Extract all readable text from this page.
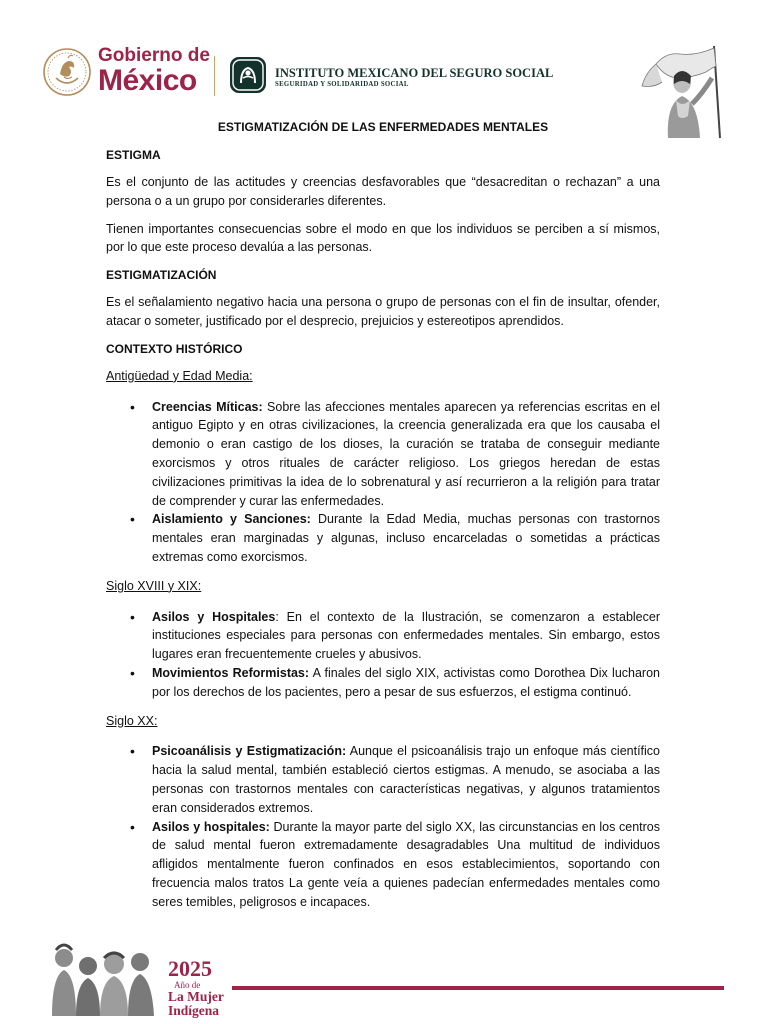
Gobierno de
México	INSTITUTO MEXICANO DEL SEGURO SOCIAL
SEGURIDAD Y SOLIDARIDAD SOCIAL
ESTIGMATIZACIÓN DE LAS ENFERMEDADES MENTALES
ESTIGMA

Es el conjunto de las actitudes y creencias desfavorables que “desacreditan o rechazan” a una persona o a un grupo por considerarles diferentes.

Tienen importantes consecuencias sobre el modo en que los individuos se perciben a sí mismos, por lo que este proceso devalúa a las personas.

ESTIGMATIZACIÓN

Es el señalamiento negativo hacia una persona o grupo de personas con el fin de insultar, ofender, atacar o someter, justificado por el desprecio, prejuicios y estereotipos aprendidos.

CONTEXTO HISTÓRICO
Antigüedad y Edad Media:
• Creencias Míticas: Sobre las afecciones mentales aparecen ya referencias escritas en el antiguo Egipto y en otras civilizaciones, la creencia generalizada era que los causaba el demonio o eran castigo de los dioses, la curación se trataba de conseguir mediante exorcismos y otros rituales de carácter religioso. Los griegos heredan de estas civilizaciones primitivas la idea de lo sobrenatural y así recurrieron a la religión para tratar de comprender y curar las enfermedades.
• Aislamiento y Sanciones: Durante la Edad Media, muchas personas con trastornos mentales eran marginadas y algunas, incluso encarceladas o sometidas a prácticas extremas como exorcismos.
Siglo XVIII y XIX:
• Asilos y Hospitales: En el contexto de la Ilustración, se comenzaron a establecer instituciones especiales para personas con enfermedades mentales. Sin embargo, estos lugares eran frecuentemente crueles y abusivos.
• Movimientos Reformistas: A finales del siglo XIX, activistas como Dorothea Dix lucharon por los derechos de los pacientes, pero a pesar de sus esfuerzos, el estigma continuó.
Siglo XX:
• Psicoanálisis y Estigmatización: Aunque el psicoanálisis trajo un enfoque más científico hacia la salud mental, también estableció ciertos estigmas. A menudo, se asociaba a las personas con trastornos mentales con características negativas, y algunos tratamientos eran considerados extremos.
• Asilos y hospitales: Durante la mayor parte del siglo XX, las circunstancias en los centros de salud mental fueron extremadamente desagradables Una multitud de individuos afligidos mentalmente fueron confinados en esos establecimientos, soportando con frecuencia malos tratos La gente veía a quienes padecían enfermedades mentales como seres temibles, peligrosos e incapaces.
2025
Año de
La Mujer
Indígena
